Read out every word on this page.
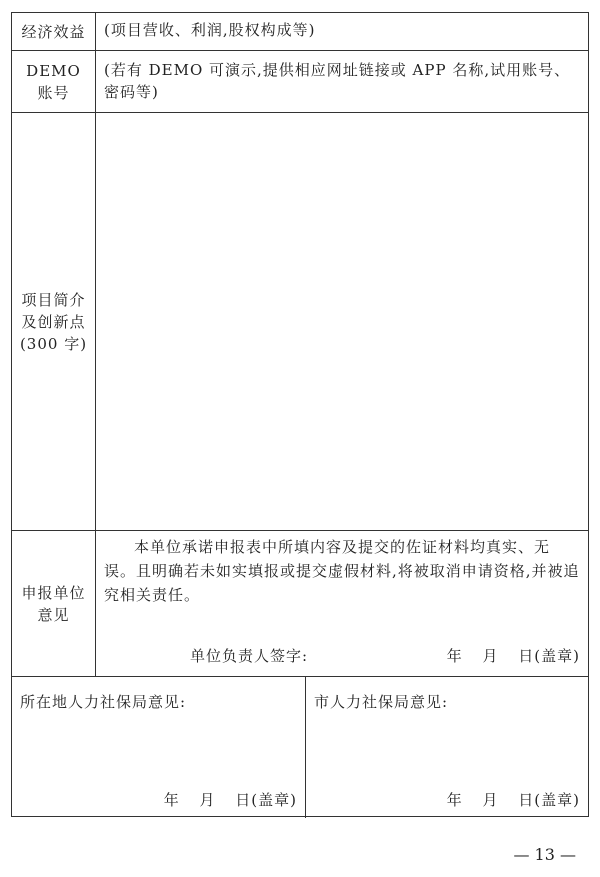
经济效益	(项目营收、利润,股权构成等)
DEMO
账号
(若有 DEMO 可演示,提供相应网址链接或 APP 名称,试用账号、密码等)
项目简介
及创新点
(300 字)
申报单位
意见
本单位承诺申报表中所填内容及提交的佐证材料均真实、无误。且明确若未如实填报或提交虚假材料,将被取消申请资格,并被追究相关责任。
单位负责人签字:	年 月 日(盖章)
所在地人力社保局意见:
年 月 日(盖章)
市人力社保局意见:
年 月 日(盖章)
— 13 —
